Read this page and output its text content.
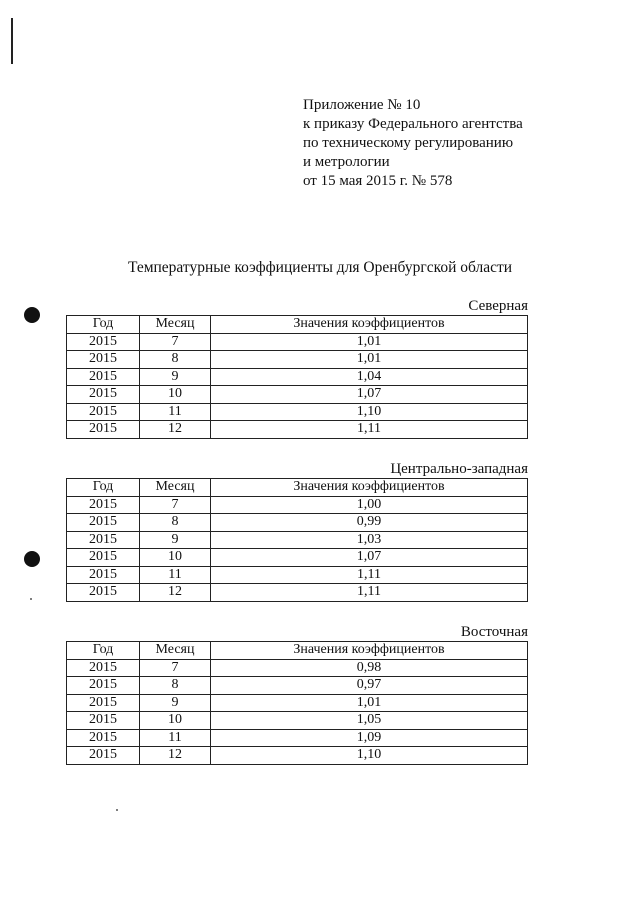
Приложение № 10
к приказу Федерального агентства
по техническому регулированию
и метрологии
от 15 мая 2015 г. № 578
Температурные коэффициенты для Оренбургской области
Северная
Год	Месяц	Значения коэффициентов
2015	7	1,01
2015	8	1,01
2015	9	1,04
2015	10	1,07
2015	11	1,10
2015	12	1,11
Центрально-западная
Год	Месяц	Значения коэффициентов
2015	7	1,00
2015	8	0,99
2015	9	1,03
2015	10	1,07
2015	11	1,11
2015	12	1,11
Восточная
Год	Месяц	Значения коэффициентов
2015	7	0,98
2015	8	0,97
2015	9	1,01
2015	10	1,05
2015	11	1,09
2015	12	1,10
